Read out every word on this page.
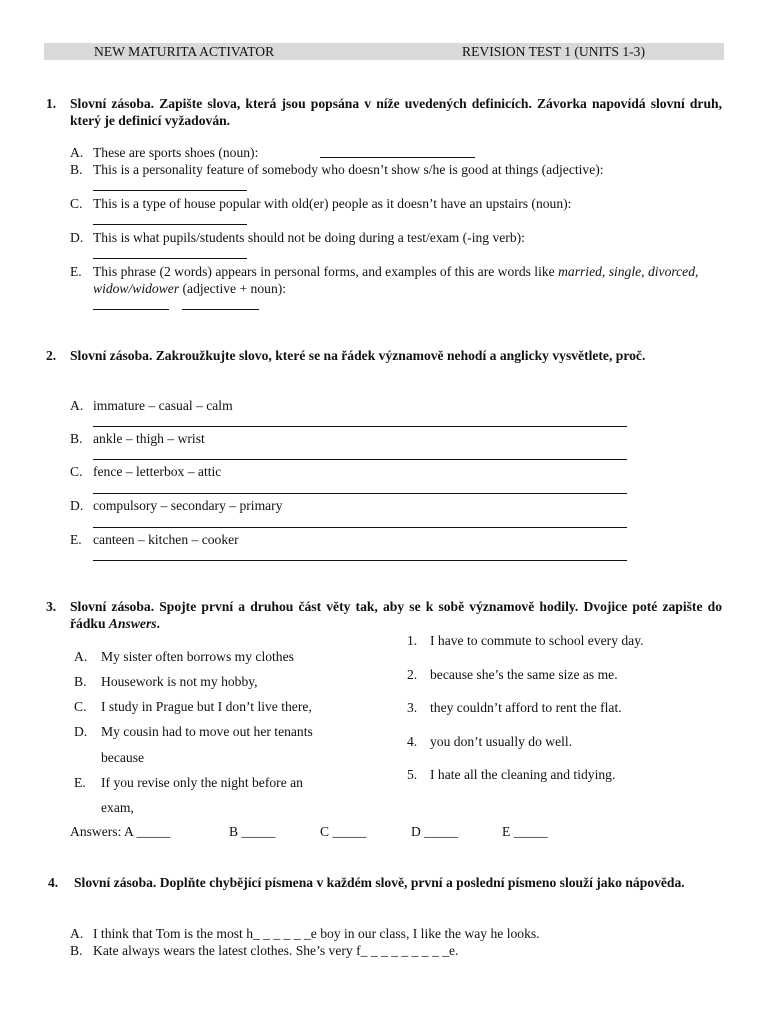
NEW MATURITA ACTIVATOR	REVISION TEST 1 (UNITS 1-3)
1. Slovní zásoba. Zapište slova, která jsou popsána v níže uvedených definicích. Závorka napovídá slovní druh, který je definicí vyžadován.
A. These are sports shoes (noun):
B. This is a personality feature of somebody who doesn’t show s/he is good at things (adjective):
C. This is a type of house popular with old(er) people as it doesn’t have an upstairs (noun):
D. This is what pupils/students should not be doing during a test/exam (-ing verb):
E. This phrase (2 words) appears in personal forms, and examples of this are words like married, single, divorced, widow/widower (adjective + noun):
2. Slovní zásoba. Zakroužkujte slovo, které se na řádek významově nehodí a anglicky vysvětlete, proč.
A. immature – casual – calm
B. ankle – thigh – wrist
C. fence – letterbox – attic
D. compulsory – secondary – primary
E. canteen – kitchen – cooker
3. Slovní zásoba. Spojte první a druhou část věty tak, aby se k sobě významově hodily. Dvojice poté zapište do řádku Answers.
1. I have to commute to school every day.
2. because she’s the same size as me.
3. they couldn’t afford to rent the flat.
4. you don’t usually do well.
5. I hate all the cleaning and tidying.
A. My sister often borrows my clothes
B. Housework is not my hobby,
C. I study in Prague but I don’t live there,
D. My cousin had to move out her tenants
because
E. If you revise only the night before an
exam,
Answers: A _____	B _____	C _____	D _____	E _____
4. Slovní zásoba. Doplňte chybějící písmena v každém slově, první a poslední písmeno slouží jako nápověda.
A. I think that Tom is the most h_ _ _ _ _ _e boy in our class, I like the way he looks.
B. Kate always wears the latest clothes. She’s very f_ _ _ _ _ _ _ _ _e.
